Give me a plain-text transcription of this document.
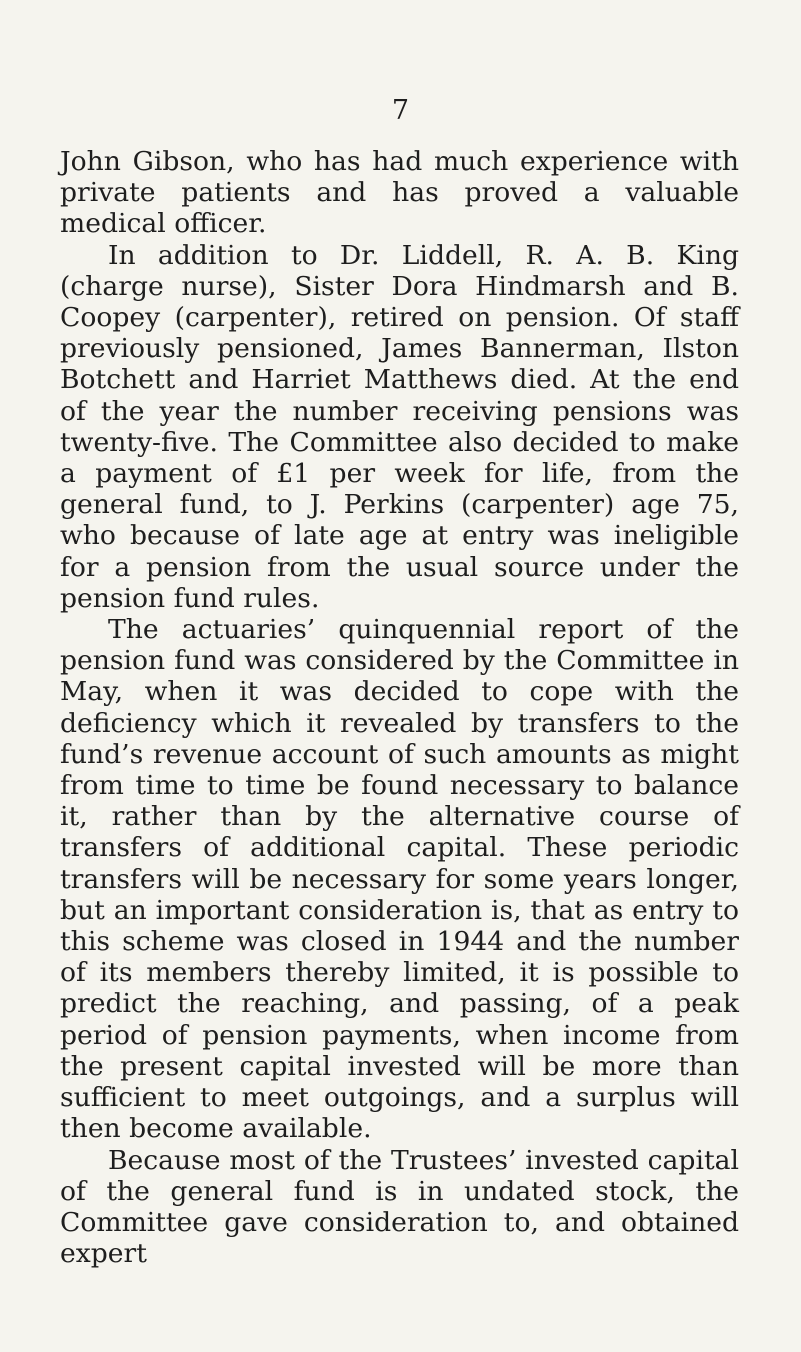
7

John Gibson, who has had much experience with private patients and has proved a valuable medical officer.

In addition to Dr. Liddell, R. A. B. King (charge nurse), Sister Dora Hindmarsh and B. Coopey (carpenter), retired on pension. Of staff previously pensioned, James Bannerman, Ilston Botchett and Harriet Matthews died. At the end of the year the number receiving pensions was twenty-five. The Committee also decided to make a payment of £1 per week for life, from the general fund, to J. Perkins (carpenter) age 75, who because of late age at entry was ineligible for a pension from the usual source under the pension fund rules.

The actuaries’ quinquennial report of the pension fund was considered by the Committee in May, when it was decided to cope with the deficiency which it revealed by transfers to the fund’s revenue account of such amounts as might from time to time be found necessary to balance it, rather than by the alternative course of transfers of additional capital. These periodic transfers will be necessary for some years longer, but an important consideration is, that as entry to this scheme was closed in 1944 and the number of its members thereby limited, it is possible to predict the reaching, and passing, of a peak period of pension payments, when income from the present capital invested will be more than sufficient to meet outgoings, and a surplus will then become available.

Because most of the Trustees’ invested capital of the general fund is in undated stock, the Committee gave consideration to, and obtained expert
